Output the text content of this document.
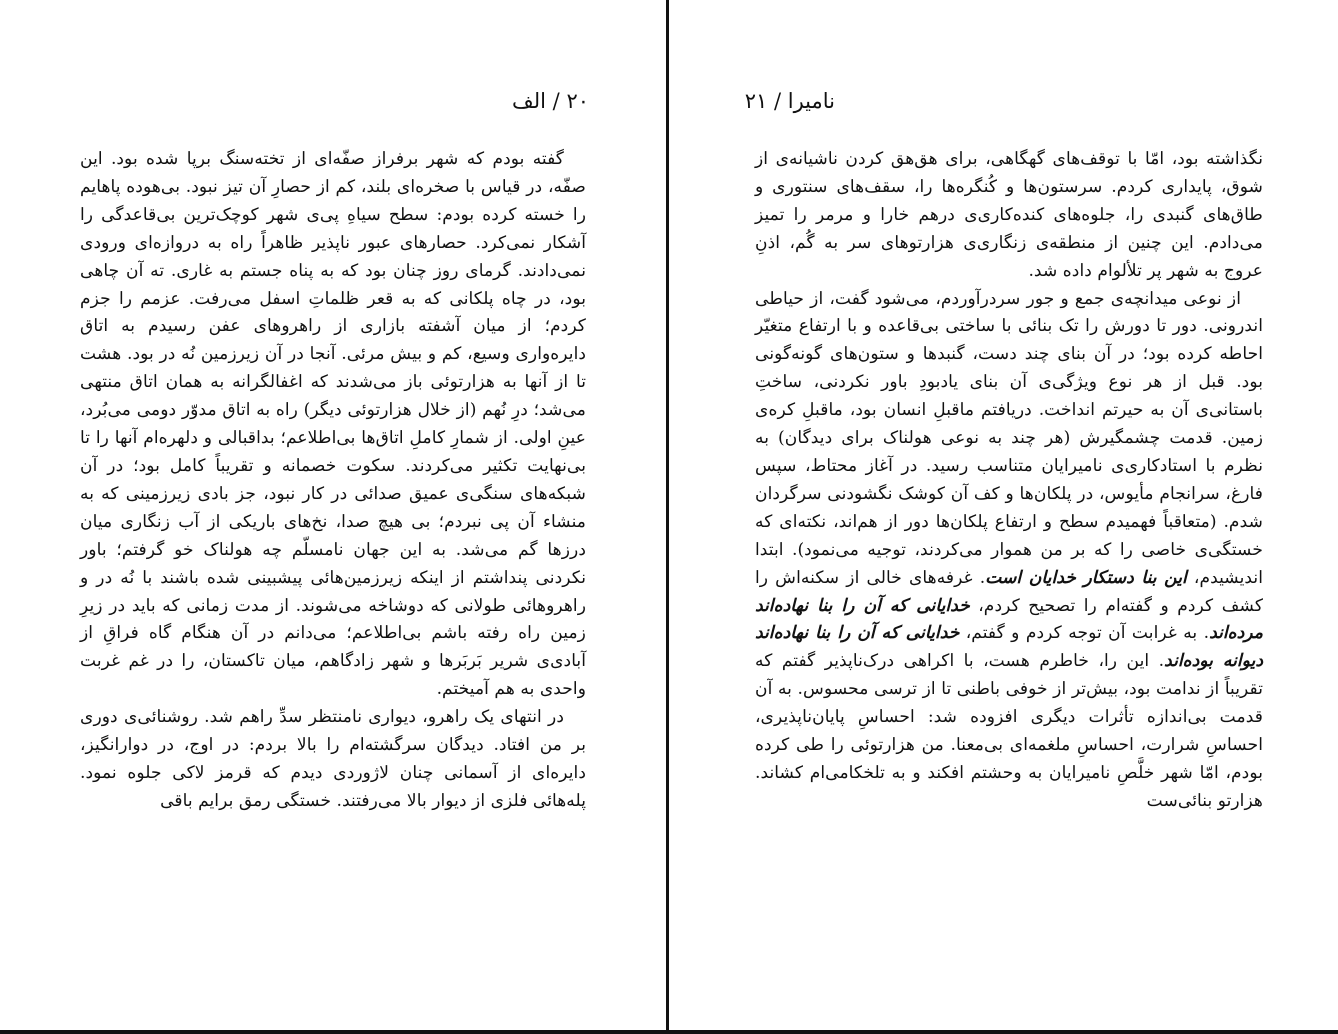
۲۰ / الف

گفته بودم که شهر برفراز صفّه‌ای از تخته‌سنگ برپا شده بود. این صفّه، در قیاس با صخره‌ای بلند، کم از حصارِ آن تیز نبود. بی‌هوده پاهایم را خسته کرده بودم: سطح سیاهِ پی‌ی شهر کوچک‌ترین بی‌قاعدگی را آشکار نمی‌کرد. حصارهای عبور ناپذیر ظاهراً راه به دروازه‌ای ورودی نمی‌دادند. گرمای روز چنان بود که به پناه جستم به غاری. ته آن چاهی بود، در چاه پلکانی که به قعر ظلماتِ اسفل می‌رفت. عزمم را جزم کردم؛ از میان آشفته بازاری از راهروهای عفن رسیدم به اتاق دایره‌واری وسیع، کم و بیش مرئی. آنجا در آن زیرزمین نُه در بود. هشت تا از آنها به هزارتوئی باز می‌شدند که اغفالگرانه به همان اتاق منتهی می‌شد؛ درِ نُهم (از خلال هزارتوئی دیگر) راه به اتاق مدوّر دومی می‌بُرد، عینِ اولی. از شمارِ کاملِ اتاق‌ها بی‌اطلاعم؛ بداقبالی و دلهره‌ام آنها را تا بی‌نهایت تکثیر می‌کردند. سکوت خصمانه و تقریباً کامل بود؛ در آن شبکه‌های سنگی‌ی عمیق صدائی در کار نبود، جز بادی زیرزمینی که به منشاء آن پی نبردم؛ بی هیچ صدا، نخ‌های باریکی از آب زنگاری میان درزها گم می‌شد. به این جهان نامسلّم چه هولناک خو گرفتم؛ باور نکردنی پنداشتم از اینکه زیرزمین‌هائی پیشبینی شده باشند با نُه در و راهروهائی طولانی که دوشاخه می‌شوند. از مدت زمانی که باید در زیرِ زمین راه رفته باشم بی‌اطلاعم؛ می‌دانم در آن هنگام گاه فراقِ از آبادی‌ی شریر بَربَرها و شهر زادگاهم، میان تاکستان، را در غم غربت واحدی به هم آمیختم.

در انتهای یک راهرو، دیواری نامنتظر سدِّ راهم شد. روشنائی‌ی دوری بر من افتاد. دیدگان سرگشته‌ام را بالا بردم: در اوج، در دوارانگیز، دایره‌ای از آسمانی چنان لاژوردی دیدم که قرمز لاکی جلوه نمود. پله‌هائی فلزی از دیوار بالا می‌رفتند. خستگی رمق برایم باقی

نامیرا / ۲۱

نگذاشته بود، امّا با توقف‌های گهگاهی، برای هق‌هق کردن ناشیانه‌ی از شوق، پایداری کردم. سرستون‌ها و کُنگره‌ها را، سقف‌های سنتوری و طاق‌های گنبدی را، جلوه‌های کنده‌کاری‌ی درهم خارا و مرمر را تمیز می‌دادم. این چنین از منطقه‌ی زنگاری‌ی هزارتوهای سر به گُم، اذنِ عروج به شهر پر تلألوام داده شد.

از نوعی میدانچه‌ی جمع و جور سردرآوردم، می‌شود گفت، از حیاطی اندرونی. دور تا دورش را تک بنائی با ساختی بی‌قاعده و با ارتفاع متغیّر احاطه کرده بود؛ در آن بنای چند دست، گنبدها و ستون‌های گونه‌گونی بود. قبل از هر نوع ویژگی‌ی آن بنای یادبودِ باور نکردنی، ساختِ باستانی‌ی آن به حیرتم انداخت. دریافتم ماقبلِ انسان بود، ماقبلِ کره‌ی زمین. قدمت چشمگیرش (هر چند به نوعی هولناک برای دیدگان) به نظرم با استادکاری‌ی نامیرایان متناسب رسید. در آغاز محتاط، سپس فارغ، سرانجام مأیوس، در پلکان‌ها و کف آن کوشک نگشودنی سرگردان شدم. (متعاقباً فهمیدم سطح و ارتفاع پلکان‌ها دور از هم‌اند، نکته‌ای که خستگی‌ی خاصی را که بر من هموار می‌کردند، توجیه می‌نمود). ابتدا اندیشیدم، این بنا دستکار خدایان است. غرفه‌های خالی از سکنه‌اش را کشف کردم و گفته‌ام را تصحیح کردم، خدایانی که آن را بنا نهاده‌اند مرده‌اند. به غرابت آن توجه کردم و گفتم، خدایانی که آن را بنا نهاده‌اند دیوانه بوده‌اند. این را، خاطرم هست، با اکراهی درک‌ناپذیر گفتم که تقریباً از ندامت بود، بیش‌تر از خوفی باطنی تا از ترسی محسوس. به آن قدمت بی‌اندازه تأثرات دیگری افزوده شد: احساسِ پایان‌ناپذیری، احساسِ شرارت، احساسِ ملغمه‌ای بی‌معنا. من هزارتوئی را طی کرده بودم، امّا شهر خلَّصِ نامیرایان به وحشتم افکند و به تلخکامی‌ام کشاند. هزارتو بنائی‌ست
